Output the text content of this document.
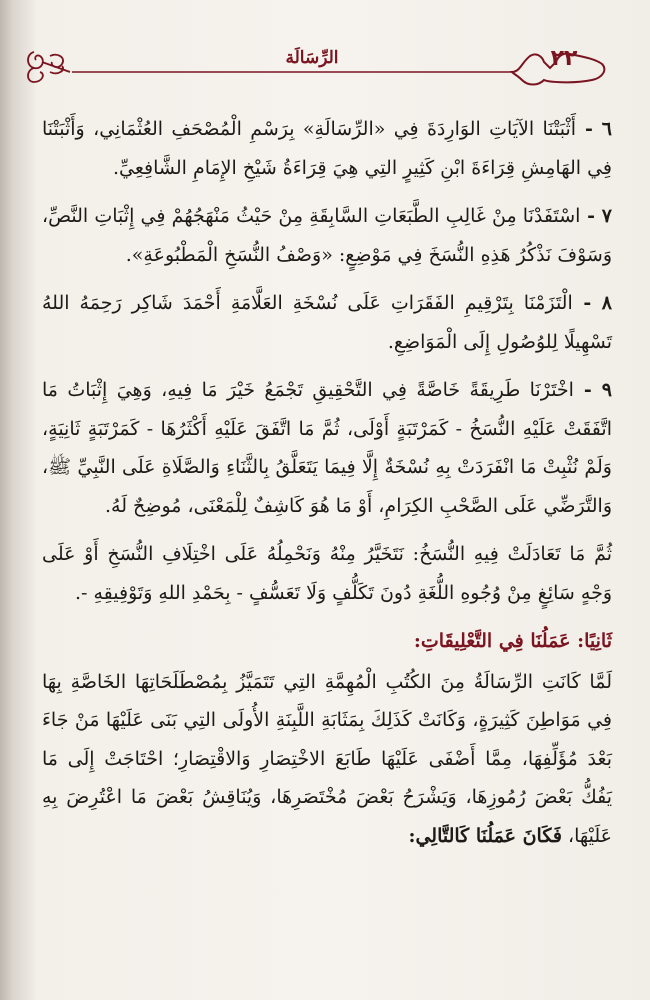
٢٢
الرِّسَالَة

٦ - أَثْبَتْنَا الآيَاتِ الوَارِدَةَ فِي «الرِّسَالَةِ» بِرَسْمِ الْمُصْحَفِ العُثْمَانِي، وَأَثْبَتْنَا فِي الهَامِشِ قِرَاءَةَ ابْنِ كَثِيرٍ التِي هِيَ قِرَاءَةُ شَيْخِ الإِمَامِ الشَّافِعِيِّ.

٧ - اسْتَفَدْنَا مِنْ غَالِبِ الطَّبَعَاتِ السَّابِقَةِ مِنْ حَيْثُ مَنْهَجُهُمْ فِي إِثْبَاتِ النَّصِّ، وَسَوْفَ نَذْكُرُ هَذِهِ النُّسَخَ فِي مَوْضِعٍ: «وَصْفُ النُّسَخِ الْمَطْبُوعَةِ».

٨ - الْتَزَمْنَا بِتَرْقِيمِ الفَقَرَاتِ عَلَى نُسْخَةِ العَلَّامَةِ أَحْمَدَ شَاكِر رَحِمَهُ اللهُ تَسْهِيلًا لِلوُصُولِ إِلَى الْمَوَاضِعِ.

٩ - اخْتَرْنَا طَرِيقَةً خَاصَّةً فِي التَّحْقِيقِ تَجْمَعُ خَيْرَ مَا فِيهِ، وَهِيَ إِثْبَاتُ مَا اتَّفَقَتْ عَلَيْهِ النُّسَخُ - كَمَرْتَبَةٍ أَوْلَى، ثُمَّ مَا اتَّفَقَ عَلَيْهِ أَكْثَرُهَا - كَمَرْتَبَةٍ ثَانِيَةٍ، وَلَمْ نُثْبِتْ مَا انْفَرَدَتْ بِهِ نُسْخَةٌ إِلَّا فِيمَا يَتَعَلَّقُ بِالثَّنَاءِ وَالصَّلَاةِ عَلَى النَّبِيِّ ﷺ، وَالتَّرَضِّي عَلَى الصَّحْبِ الكِرَامِ، أَوْ مَا هُوَ كَاشِفٌ لِلْمَعْنَى، مُوضِحٌ لَهُ.

ثُمَّ مَا تَعَادَلَتْ فِيهِ النُّسَخُ: نَتَخَيَّرُ مِنْهُ وَنَحْمِلُهُ عَلَى اخْتِلَافِ النُّسَخِ أَوْ عَلَى وَجْهٍ سَائِغٍ مِنْ وُجُوهِ اللُّغَةِ دُونَ تَكَلُّفٍ وَلَا تَعَسُّفٍ - بِحَمْدِ اللهِ وَتَوْفِيقِهِ -.

ثَانِيًا: عَمَلُنَا فِي التَّعْلِيقَاتِ:

لَمَّا كَانَتِ الرِّسَالَةُ مِنَ الكُتُبِ الْمُهِمَّةِ التِي تَتَمَيَّزُ بِمُصْطَلَحَاتِهَا الخَاصَّةِ بِهَا فِي مَوَاطِنَ كَثِيرَةٍ، وَكَانَتْ كَذَلِكَ بِمَثَابَةِ اللَّبِنَةِ الأُولَى التِي بَنَى عَلَيْهَا مَنْ جَاءَ بَعْدَ مُؤَلِّفِهَا، مِمَّا أَضْفَى عَلَيْهَا طَابَعَ الاخْتِصَارِ وَالاقْتِصَارِ؛ احْتَاجَتْ إِلَى مَا يَفُكُّ بَعْضَ رُمُوزِهَا، وَيَشْرَحُ بَعْضَ مُخْتَصَرِهَا، وَيُنَاقِشُ بَعْضَ مَا اعْتُرِضَ بِهِ عَلَيْهَا، فَكَانَ عَمَلُنَا كَالتَّالِي:
